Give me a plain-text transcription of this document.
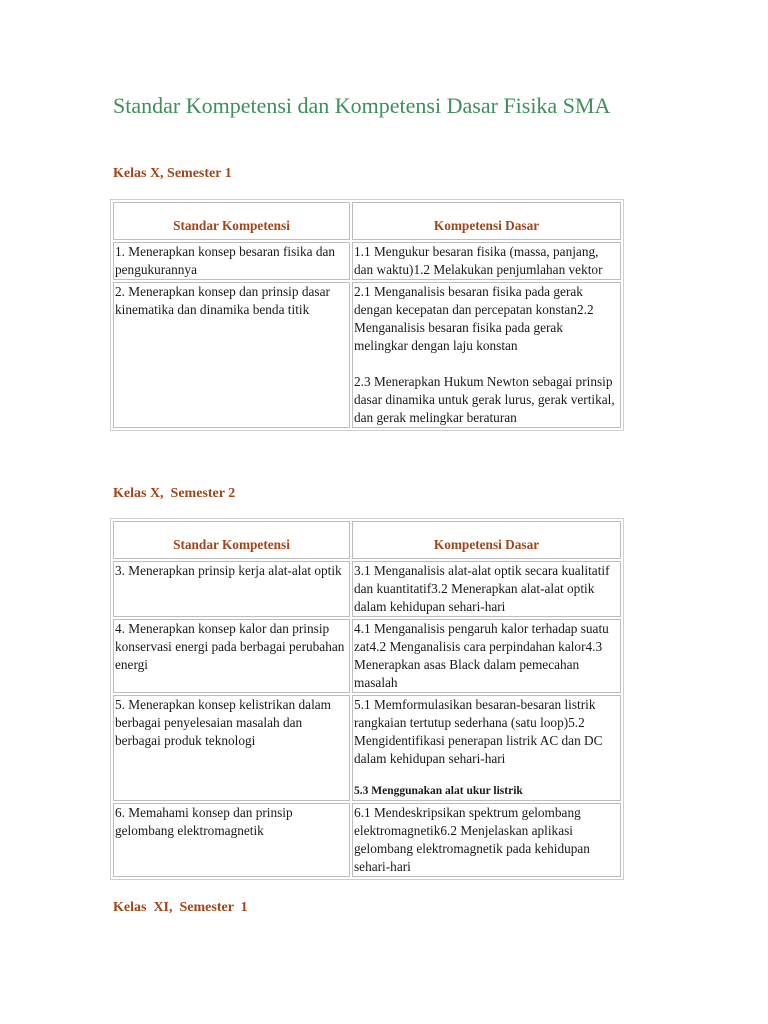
Standar Kompetensi dan Kompetensi Dasar Fisika SMA
Kelas X, Semester 1
Standar Kompetensi	Kompetensi Dasar
1. Menerapkan konsep besaran fisika dan pengukurannya	1.1 Mengukur besaran fisika (massa, panjang, dan waktu)1.2 Melakukan penjumlahan vektor

2. Menerapkan konsep dan prinsip dasar kinematika dan dinamika benda titik	2.1 Menganalisis besaran fisika pada gerak dengan kecepatan dan percepatan konstan2.2 Menganalisis besaran fisika pada gerak melingkar dengan laju konstan
2.3 Menerapkan Hukum Newton sebagai prinsip dasar dinamika untuk gerak lurus, gerak vertikal, dan gerak melingkar beraturan
Kelas X,  Semester 2
Standar Kompetensi	Kompetensi Dasar
3. Menerapkan prinsip kerja alat-alat optik	3.1 Menganalisis alat-alat optik secara kualitatif dan kuantitatif3.2 Menerapkan alat-alat optik dalam kehidupan sehari-hari

4. Menerapkan konsep kalor dan prinsip konservasi energi pada berbagai perubahan energi	4.1 Menganalisis pengaruh kalor terhadap suatu zat4.2 Menganalisis cara perpindahan kalor4.3 Menerapkan asas Black dalam pemecahan masalah

5. Menerapkan konsep kelistrikan dalam berbagai penyelesaian masalah dan berbagai produk teknologi	5.1 Memformulasikan besaran-besaran listrik rangkaian tertutup sederhana (satu loop)5.2 Mengidentifikasi penerapan listrik AC dan DC dalam kehidupan sehari-hari
5.3 Menggunakan alat ukur listrik

6. Memahami konsep dan prinsip gelombang elektromagnetik	6.1 Mendeskripsikan spektrum gelombang elektromagnetik6.2 Menjelaskan aplikasi gelombang elektromagnetik pada kehidupan sehari-hari
Kelas  XI,  Semester  1
